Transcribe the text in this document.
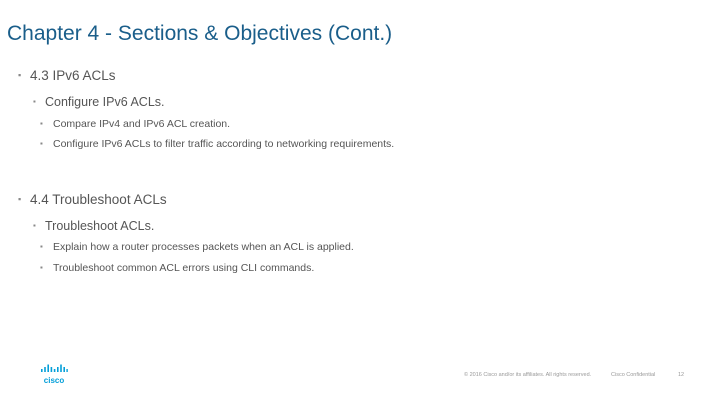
Chapter 4 - Sections & Objectives (Cont.)
▪ 4.3 IPv6 ACLs
▪ Configure IPv6 ACLs.
▪ Compare IPv4 and IPv6 ACL creation.
▪ Configure IPv6 ACLs to filter traffic according to networking requirements.
▪ 4.4 Troubleshoot ACLs
▪ Troubleshoot ACLs.
▪ Explain how a router processes packets when an ACL is applied.
▪ Troubleshoot common ACL errors using CLI commands.
cisco
© 2016 Cisco and/or its affiliates. All rights reserved.	Cisco Confidential	12
